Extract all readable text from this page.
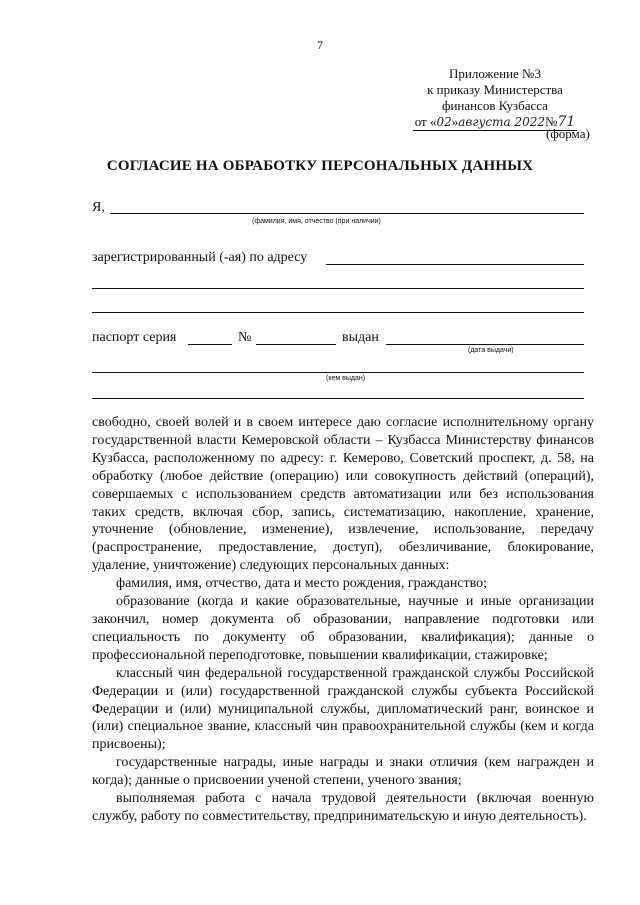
7
Приложение №3
к приказу Министерства
финансов Кузбасса
от «02»августа 2022№71
(форма)
СОГЛАСИЕ НА ОБРАБОТКУ ПЕРСОНАЛЬНЫХ ДАННЫХ
Я,
(фамилия, имя, отчество (при наличии)
зарегистрированный (-ая) по адресу
паспорт серия	№	выдан
(дата выдачи)
(кем выдан)

свободно, своей волей и в своем интересе даю согласие исполнительному органу государственной власти Кемеровской области – Кузбасса Министерству финансов Кузбасса, расположенному по адресу: г. Кемерово, Советский проспект, д. 58, на обработку (любое действие (операцию) или совокупность действий (операций), совершаемых с использованием средств автоматизации или без использования таких средств, включая сбор, запись, систематизацию, накопление, хранение, уточнение (обновление, изменение), извлечение, использование, передачу (распространение, предоставление, доступ), обезличивание, блокирование, удаление, уничтожение) следующих персональных данных:

фамилия, имя, отчество, дата и место рождения, гражданство;

образование (когда и какие образовательные, научные и иные организации закончил, номер документа об образовании, направление подготовки или специальность по документу об образовании, квалификация); данные о профессиональной переподготовке, повышении квалификации, стажировке;

классный чин федеральной государственной гражданской службы Российской Федерации и (или) государственной гражданской службы субъекта Российской Федерации и (или) муниципальной службы, дипломатический ранг, воинское и (или) специальное звание, классный чин правоохранительной службы (кем и когда присвоены);

государственные награды, иные награды и знаки отличия (кем награжден и когда); данные о присвоении ученой степени, ученого звания;

выполняемая работа с начала трудовой деятельности (включая военную службу, работу по совместительству, предпринимательскую и иную деятельность).
